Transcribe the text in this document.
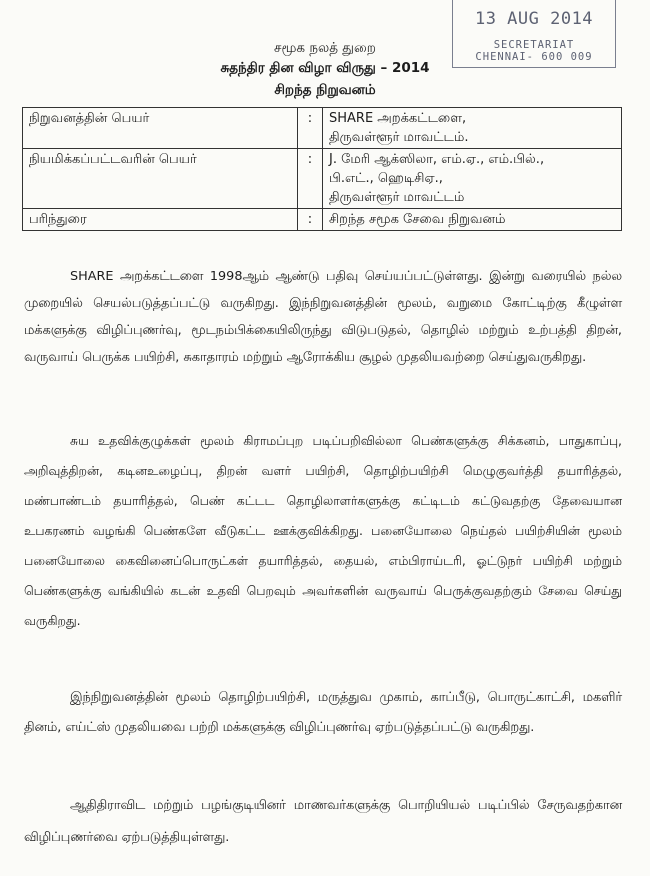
13 AUG 2014
SECRETARIAT
CHENNAI- 600 009
சமூக நலத் துறை
சுதந்திர தின விழா விருது – 2014
சிறந்த நிறுவனம்
நிறுவனத்தின் பெயர்	:	SHARE அறக்கட்டளை,
திருவள்ளூர் மாவட்டம்.

நியமிக்கப்பட்டவரின் பெயர்	:	J. மேரி ஆக்ஸிலா, எம்.ஏ., எம்.பில்.,
பி.எட்., ஹெடிசிஏ.,
திருவள்ளூர் மாவட்டம்

பரிந்துரை	:	சிறந்த சமூக சேவை நிறுவனம்

SHARE அறக்கட்டளை 1998ஆம் ஆண்டு பதிவு செய்யப்பட்டுள்ளது. இன்று வரையில் நல்ல முறையில் செயல்படுத்தப்பட்டு வருகிறது. இந்நிறுவனத்தின் மூலம், வறுமை கோட்டிற்கு கீழுள்ள மக்களுக்கு விழிப்புணர்வு, மூடநம்பிக்கையிலிருந்து விடுபடுதல், தொழில் மற்றும் உற்பத்தி திறன், வருவாய் பெருக்க பயிற்சி, சுகாதாரம் மற்றும் ஆரோக்கிய சூழல் முதலியவற்றை செய்துவருகிறது.

சுய உதவிக்குழுக்கள் மூலம் கிராமப்புற படிப்பறிவில்லா பெண்களுக்கு சிக்கனம், பாதுகாப்பு, அறிவுத்திறன், கடினஉழைப்பு, திறன் வளர் பயிற்சி, தொழிற்பயிற்சி மெழுகுவர்த்தி தயாரித்தல், மண்பாண்டம் தயாரித்தல், பெண் கட்டட தொழிலாளர்களுக்கு கட்டிடம் கட்டுவதற்கு தேவையான உபகரணம் வழங்கி பெண்களே வீடுகட்ட ஊக்குவிக்கிறது. பனையோலை நெய்தல் பயிற்சியின் மூலம் பனையோலை கைவினைப்பொருட்கள் தயாரித்தல், தையல், எம்பிராய்டரி, ஓட்டுநர் பயிற்சி மற்றும் பெண்களுக்கு வங்கியில் கடன் உதவி பெறவும் அவர்களின் வருவாய் பெருக்குவதற்கும் சேவை செய்து வருகிறது.

இந்நிறுவனத்தின் மூலம் தொழிற்பயிற்சி, மருத்துவ முகாம், காப்பீடு, பொருட்காட்சி, மகளிர் தினம், எய்ட்ஸ் முதலியவை பற்றி மக்களுக்கு விழிப்புணர்வு ஏற்படுத்தப்பட்டு வருகிறது.

ஆதிதிராவிட மற்றும் பழங்குடியினர் மாணவர்களுக்கு பொறியியல் படிப்பில் சேருவதற்கான விழிப்புணர்வை ஏற்படுத்தியுள்ளது.
